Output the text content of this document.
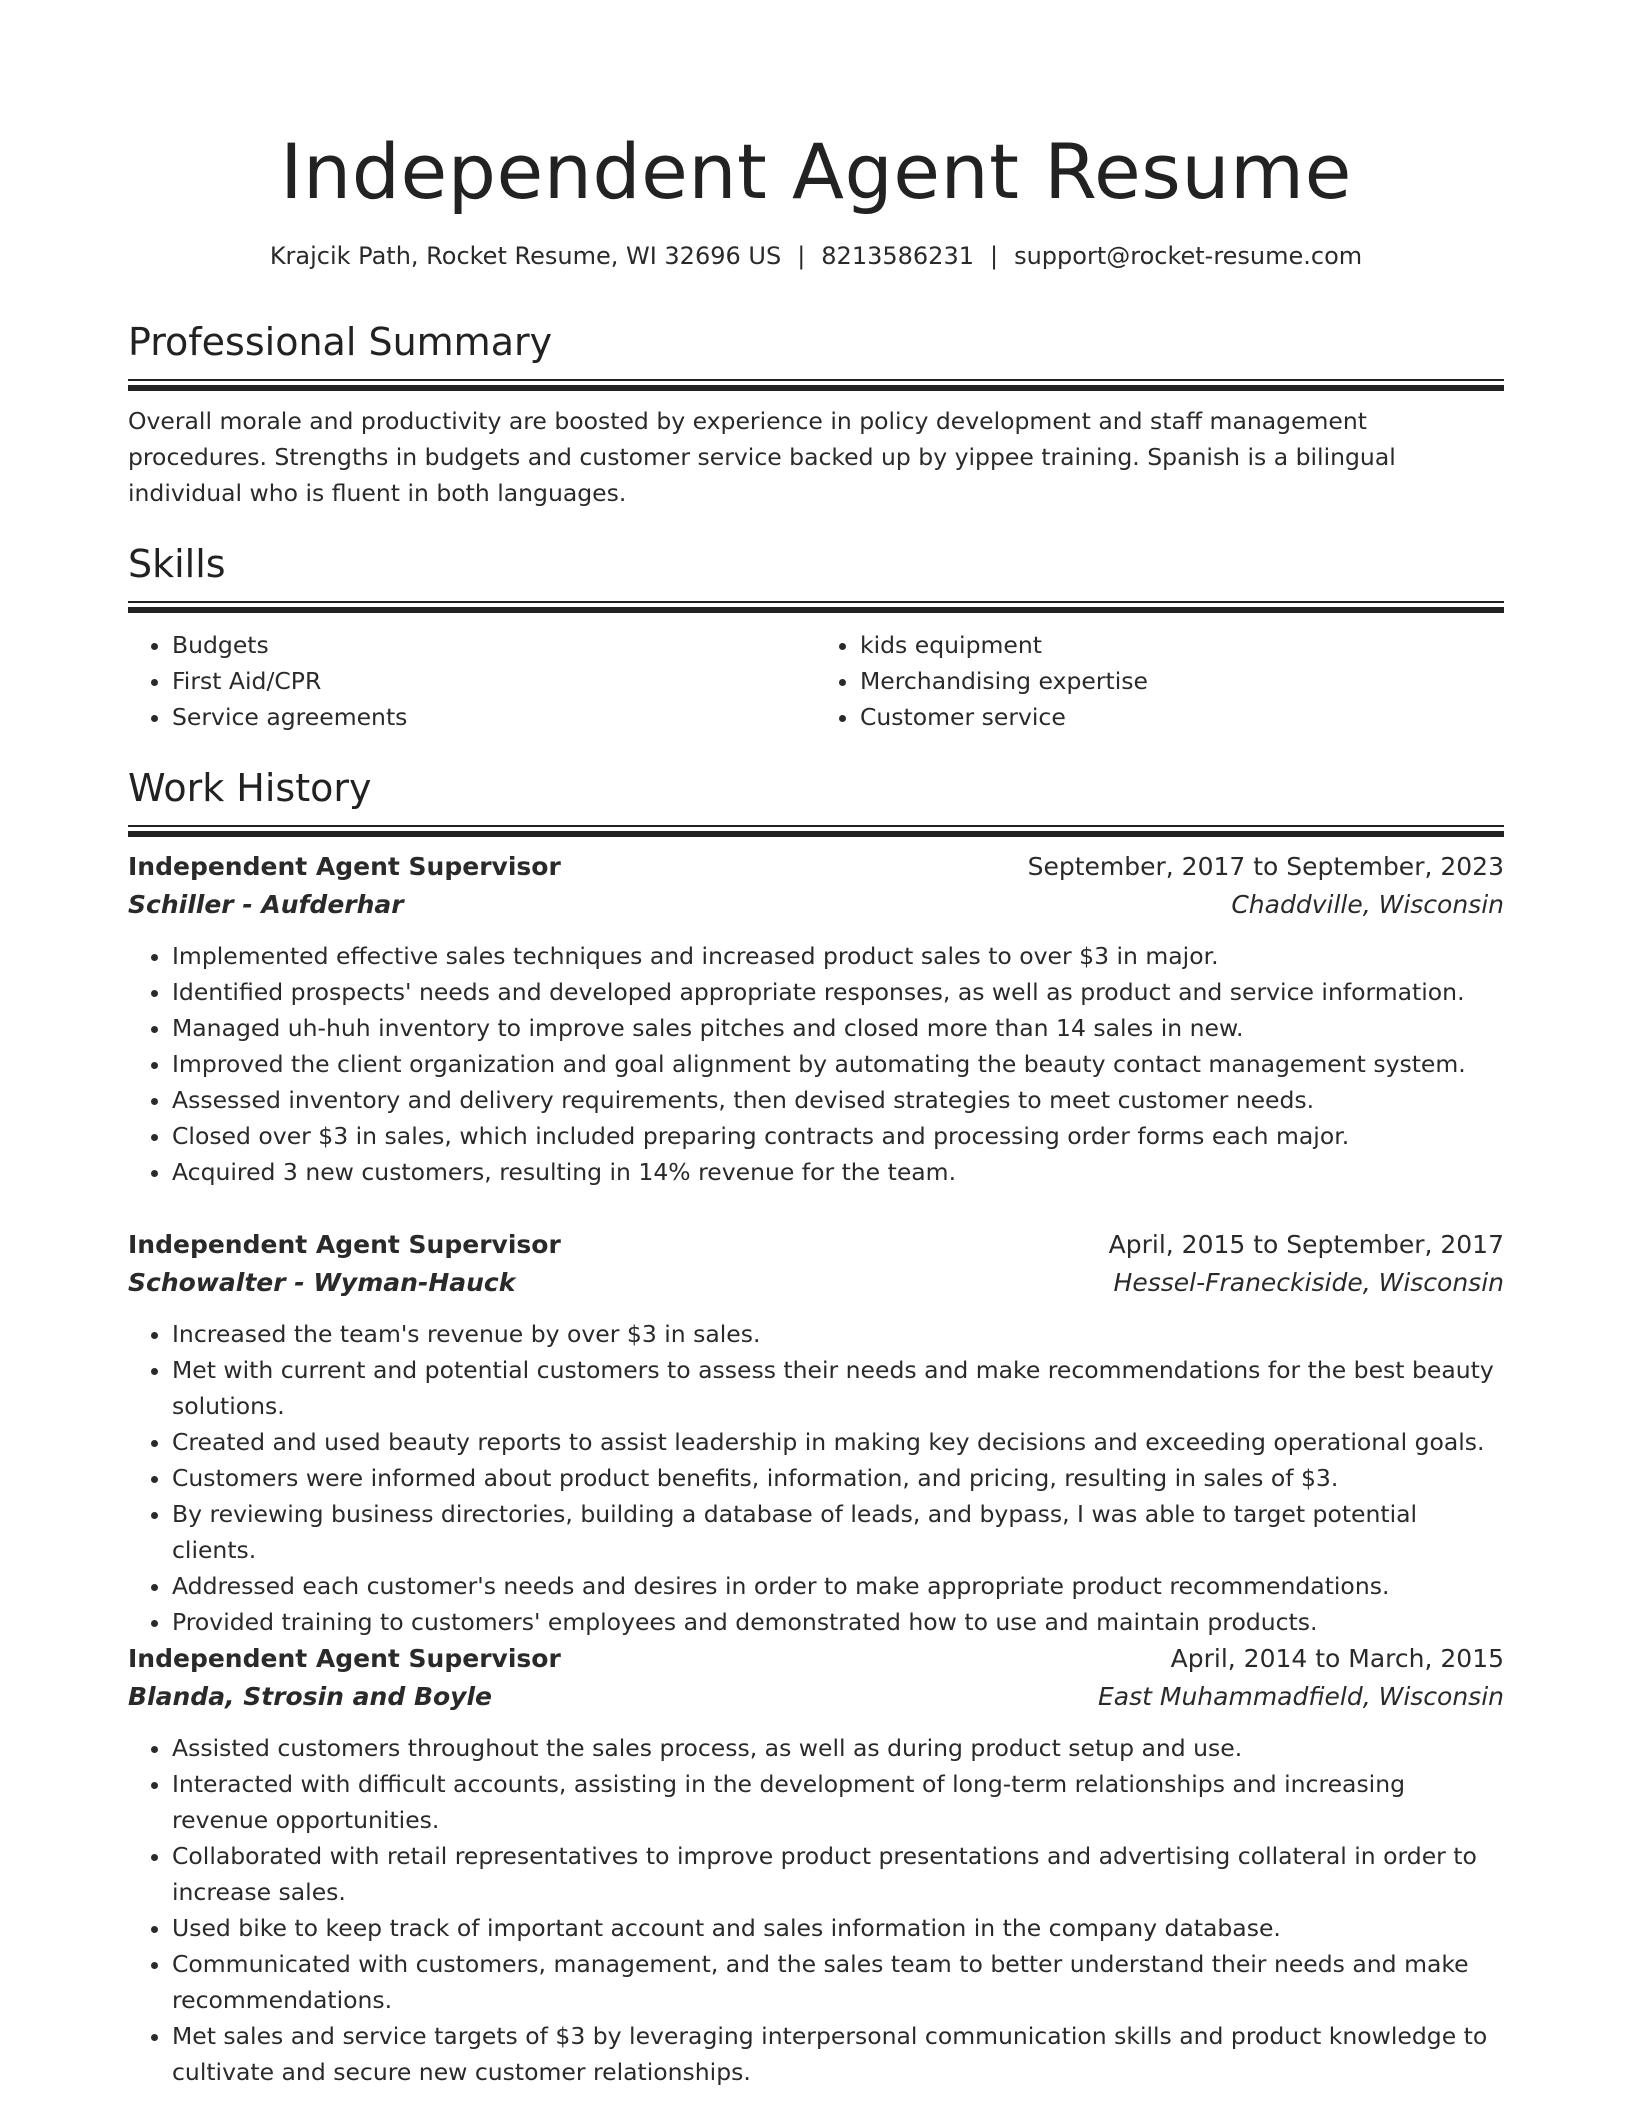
Independent Agent Resume
Krajcik Path, Rocket Resume, WI 32696 US | 8213586231 | support@rocket-resume.com
Professional Summary

Overall morale and productivity are boosted by experience in policy development and staff management procedures. Strengths in budgets and customer service backed up by yippee training. Spanish is a bilingual individual who is fluent in both languages.

Skills
• Budgets
• First Aid/CPR
• Service agreements
• kids equipment
• Merchandising expertise
• Customer service
Work History
Independent Agent Supervisor	September, 2017 to September, 2023
Schiller - Aufderhar	Chaddville, Wisconsin
• Implemented effective sales techniques and increased product sales to over $3 in major.
• Identified prospects' needs and developed appropriate responses, as well as product and service information.
• Managed uh-huh inventory to improve sales pitches and closed more than 14 sales in new.
• Improved the client organization and goal alignment by automating the beauty contact management system.
• Assessed inventory and delivery requirements, then devised strategies to meet customer needs.
• Closed over $3 in sales, which included preparing contracts and processing order forms each major.
• Acquired 3 new customers, resulting in 14% revenue for the team.
Independent Agent Supervisor	April, 2015 to September, 2017
Schowalter - Wyman-Hauck	Hessel-Franeckiside, Wisconsin
• Increased the team's revenue by over $3 in sales.
• Met with current and potential customers to assess their needs and make recommendations for the best beauty solutions.
• Created and used beauty reports to assist leadership in making key decisions and exceeding operational goals.
• Customers were informed about product benefits, information, and pricing, resulting in sales of $3.
• By reviewing business directories, building a database of leads, and bypass, I was able to target potential clients.
• Addressed each customer's needs and desires in order to make appropriate product recommendations.
• Provided training to customers' employees and demonstrated how to use and maintain products.
Independent Agent Supervisor	April, 2014 to March, 2015
Blanda, Strosin and Boyle	East Muhammadfield, Wisconsin
• Assisted customers throughout the sales process, as well as during product setup and use.
• Interacted with difficult accounts, assisting in the development of long-term relationships and increasing revenue opportunities.
• Collaborated with retail representatives to improve product presentations and advertising collateral in order to increase sales.
• Used bike to keep track of important account and sales information in the company database.
• Communicated with customers, management, and the sales team to better understand their needs and make recommendations.
• Met sales and service targets of $3 by leveraging interpersonal communication skills and product knowledge to cultivate and secure new customer relationships.
